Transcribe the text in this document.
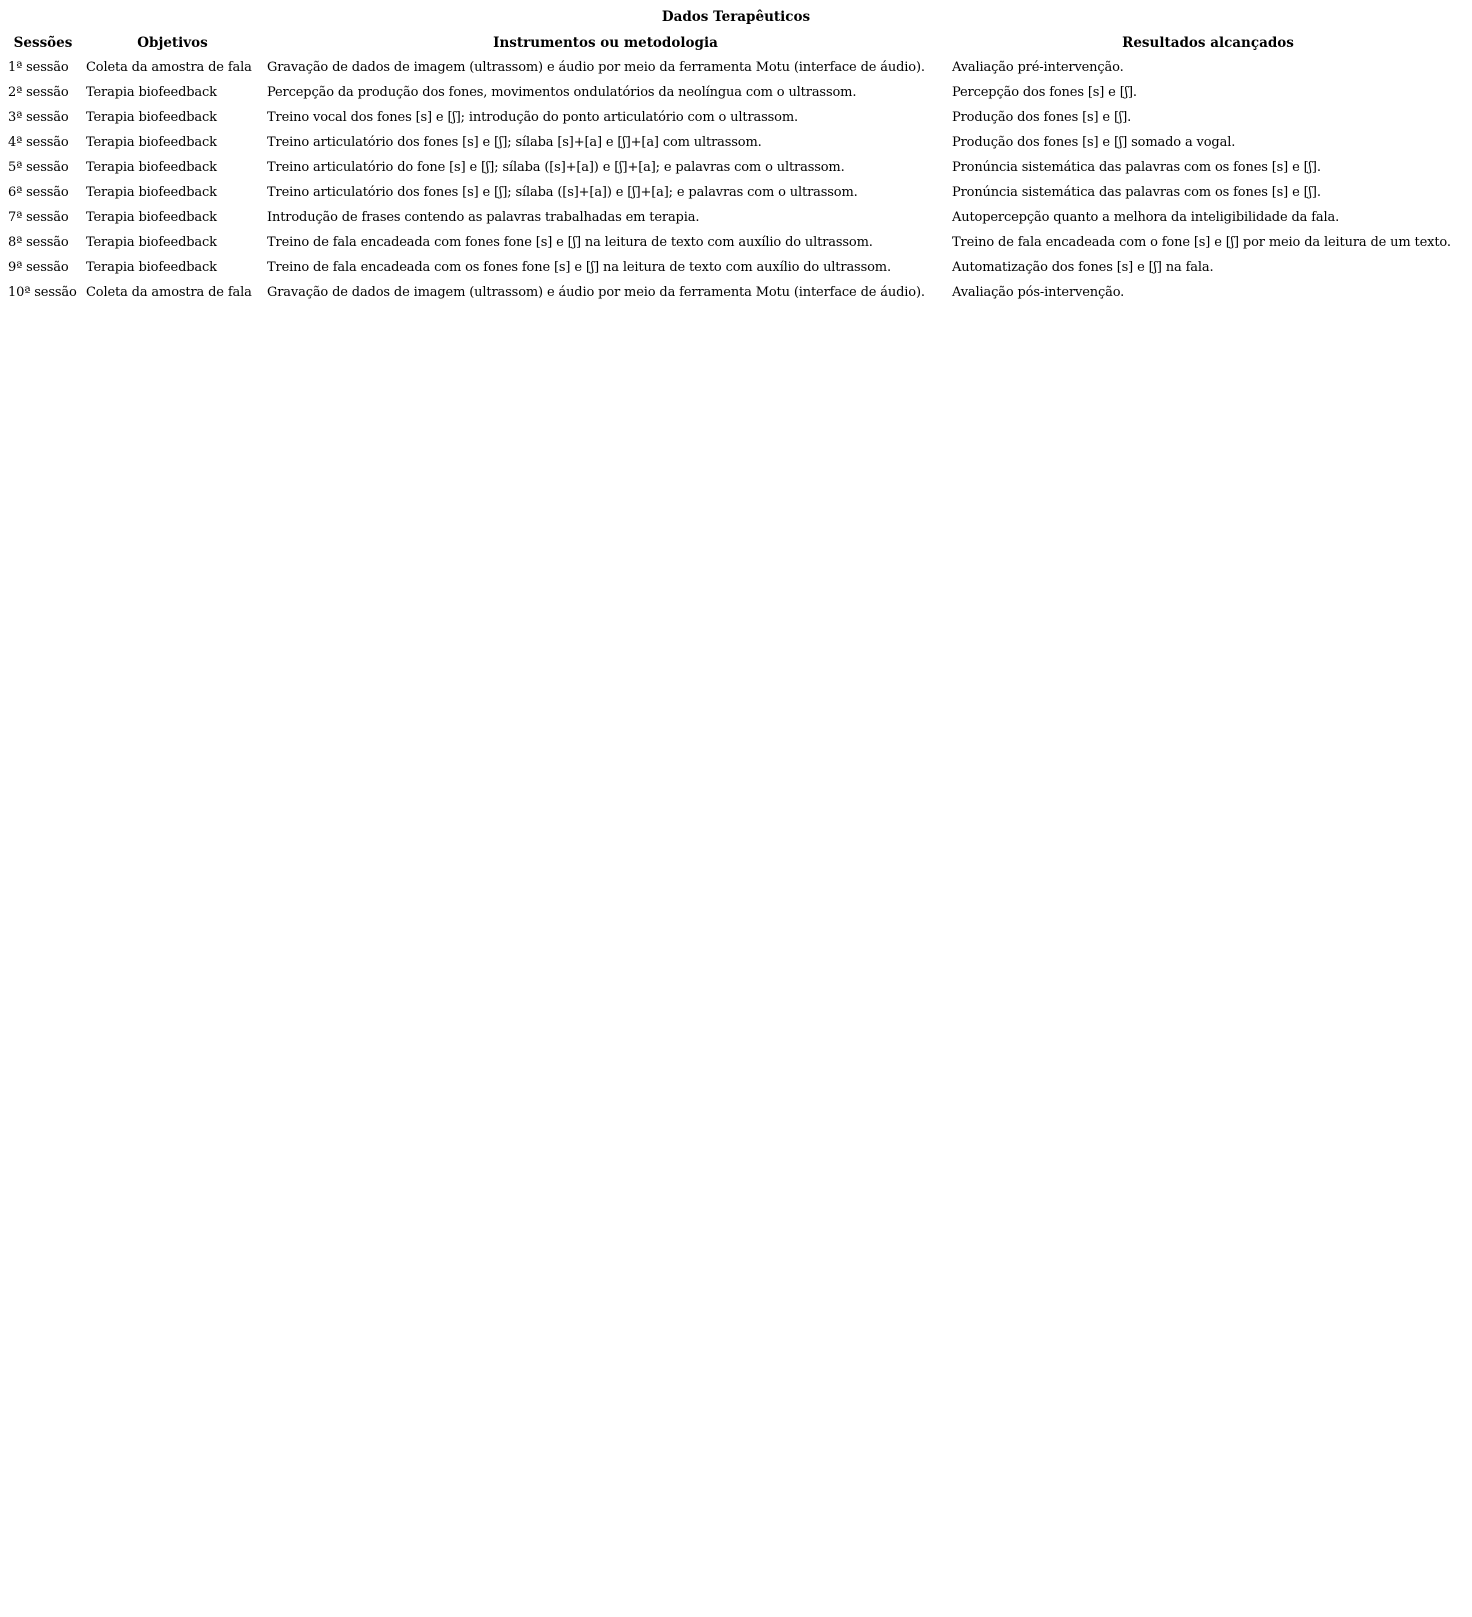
Dados Terapêuticos
Sessões	Objetivos	Instrumentos ou metodologia	Resultados alcançados
1ª sessão	Coleta da amostra de fala	Gravação de dados de imagem (ultrassom) e áudio por meio da ferramenta Motu (interface de áudio).	Avaliação pré-intervenção.
2ª sessão	Terapia biofeedback	Percepção da produção dos fones, movimentos ondulatórios da neolíngua com o ultrassom.	Percepção dos fones [s] e [ʃ].
3ª sessão	Terapia biofeedback	Treino vocal dos fones [s] e [ʃ]; introdução do ponto articulatório com o ultrassom.	Produção dos fones [s] e [ʃ].
4ª sessão	Terapia biofeedback	Treino articulatório dos fones [s] e [ʃ]; sílaba [s]+[a] e [ʃ]+[a] com ultrassom.	Produção dos fones [s] e [ʃ] somado a vogal.
5ª sessão	Terapia biofeedback	Treino articulatório do fone [s] e [ʃ]; sílaba ([s]+[a]) e [ʃ]+[a]; e palavras com o ultrassom.	Pronúncia sistemática das palavras com os fones [s] e [ʃ].
6ª sessão	Terapia biofeedback	Treino articulatório dos fones [s] e [ʃ]; sílaba ([s]+[a]) e [ʃ]+[a]; e palavras com o ultrassom.	Pronúncia sistemática das palavras com os fones [s] e [ʃ].
7ª sessão	Terapia biofeedback	Introdução de frases contendo as palavras trabalhadas em terapia.	Autopercepção quanto a melhora da inteligibilidade da fala.
8ª sessão	Terapia biofeedback	Treino de fala encadeada com fones fone [s] e [ʃ] na leitura de texto com auxílio do ultrassom.	Treino de fala encadeada com o fone [s] e [ʃ] por meio da leitura de um texto.
9ª sessão	Terapia biofeedback	Treino de fala encadeada com os fones fone [s] e [ʃ] na leitura de texto com auxílio do ultrassom.	Automatização dos fones [s] e [ʃ] na fala.
10ª sessão	Coleta da amostra de fala	Gravação de dados de imagem (ultrassom) e áudio por meio da ferramenta Motu (interface de áudio).	Avaliação pós-intervenção.
